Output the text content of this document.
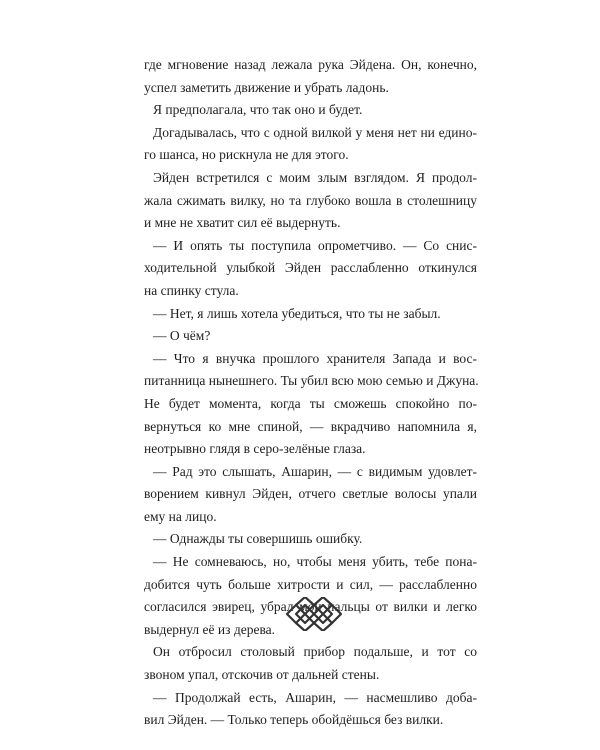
где мгновение назад лежала рука Эйдена. Он, конечно,
успел заметить движение и убрать ладонь.
Я предполагала, что так оно и будет.
Догадывалась, что с одной вилкой у меня нет ни едино-
го шанса, но рискнула не для этого.
Эйден встретился с моим злым взглядом. Я продол-
жала сжимать вилку, но та глубоко вошла в столешницу
и мне не хватит сил её выдернуть.
— И опять ты поступила опрометчиво. — Со снис-
ходительной улыбкой Эйден расслабленно откинулся
на спинку стула.
— Нет, я лишь хотела убедиться, что ты не забыл.
— О чём?
— Что я внучка прошлого хранителя Запада и вос-
питанница нынешнего. Ты убил всю мою семью и Джуна.
Не будет момента, когда ты сможешь спокойно по-
вернуться ко мне спиной, — вкрадчиво напомнила я,
неотрывно глядя в серо-зелёные глаза.
— Рад это слышать, Ашарин, — с видимым удовлет-
ворением кивнул Эйден, отчего светлые волосы упали
ему на лицо.
— Однажды ты совершишь ошибку.
— Не сомневаюсь, но, чтобы меня убить, тебе пона-
добится чуть больше хитрости и сил, — расслабленно
согласился эвирец, убрал мои пальцы от вилки и легко
выдернул её из дерева.
Он отбросил столовый прибор подальше, и тот со
звоном упал, отскочив от дальней стены.
— Продолжай есть, Ашарин, — насмешливо доба-
вил Эйден. — Только теперь обойдёшься без вилки.
